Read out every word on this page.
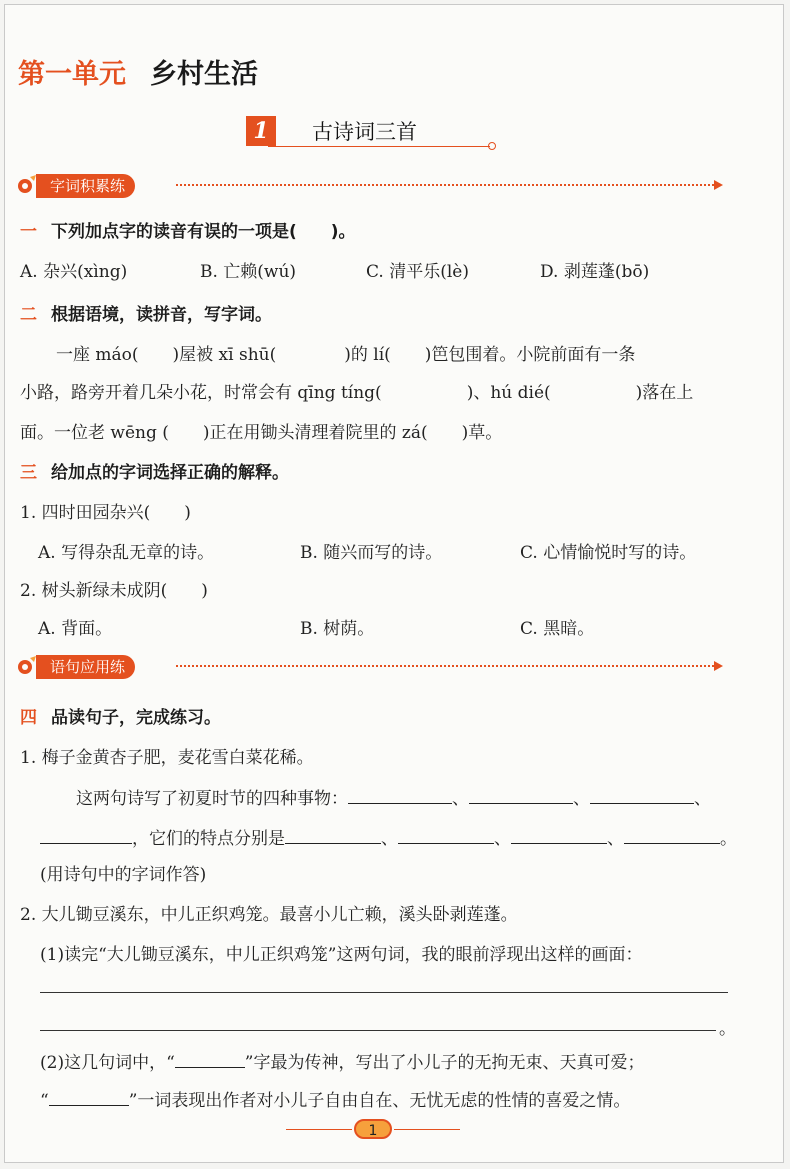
第一单元 乡村生活
1	古诗词三首
字词积累练
一 下列加点字的读音有误的一项是(　　)。
A. 杂兴(xìng)	B. 亡赖(wú)	C. 清平乐(lè)	D. 剥莲蓬(bō)
二 根据语境，读拼音，写字词。
一座 máo(　　)屋被 xī shū(　　　　)的 lí(　　)笆包围着。小院前面有一条
小路，路旁开着几朵小花，时常会有 qīng tíng(　　　　　)、hú dié(　　　　　)落在上
面。一位老 wēng (　　)正在用锄头清理着院里的 zá(　　)草。
三 给加点的字词选择正确的解释。
1. 四时田园杂兴(　　)
A. 写得杂乱无章的诗。	B. 随兴而写的诗。	C. 心情愉悦时写的诗。
2. 树头新绿未成阴(　　)
A. 背面。	B. 树荫。	C. 黑暗。
语句应用练
四 品读句子，完成练习。
1. 梅子金黄杏子肥，麦花雪白菜花稀。
这两句诗写了初夏时节的四种事物：	、	、	、
，它们的特点分别是	、	、	、	。
(用诗句中的字词作答)
2. 大儿锄豆溪东，中儿正织鸡笼。最喜小儿亡赖，溪头卧剥莲蓬。
(1)读完“大儿锄豆溪东，中儿正织鸡笼”这两句词，我的眼前浮现出这样的画面：
。
(2)这几句词中，“	”字最为传神，写出了小儿子的无拘无束、天真可爱；
“	”一词表现出作者对小儿子自由自在、无忧无虑的性情的喜爱之情。
1
